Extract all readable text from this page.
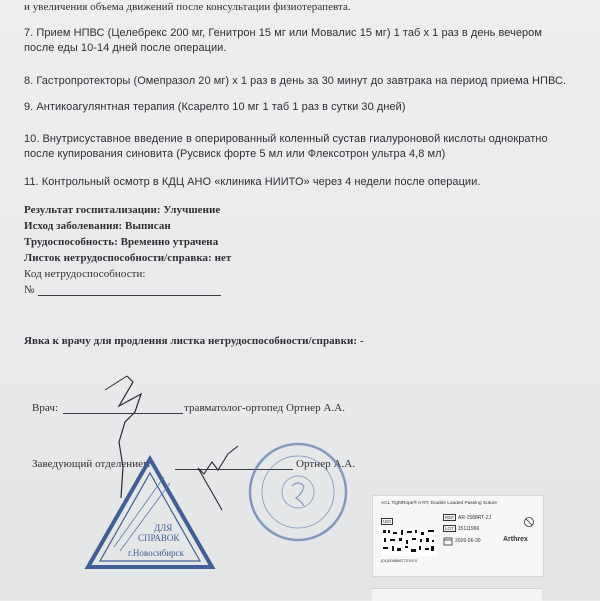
и увеличения объема движений после консультации физиотерапевта.
7. Прием НПВС (Целебрекс 200 мг, Генитрон 15 мг или Мовалис 15 мг) 1 таб х 1 раз в день вечером
после еды 10-14 дней после операции.
8. Гастропротекторы (Омепразол 20 мг) х 1 раз в день за 30 минут до завтрака на период приема НПВС.
9. Антикоагулянтная терапия (Ксарелто 10 мг 1 таб 1 раз в сутки 30 дней)
10. Внутрисуставное введение в оперированный коленный сустав гиалуроновой кислоты однократно
после купирования синовита (Русвиск форте 5 мл или Флексотрон ультра 4,8 мл)
11. Контрольный осмотр в КДЦ АНО «клиника НИИТО» через 4 недели после операции.
Результат госпитализации: Улучшение
Исход заболевания: Выписан
Трудоспособность: Временно утрачена
Листок нетрудоспособности/справка: нет
Код нетрудоспособности:
№
Явка к врачу для продления листка нетрудоспособности/справки: -
Врач:	травматолог-ортопед Ортнер А.А.
Заведующий отделением	Ортнер А.А.
ДЛЯ
СПРАВОК
г.Новосибирск
ACL TightRope® II RT, Double Loaded Passing Suture
UDI
REF AR-1588RT-2J
LOT 15111966
2026-06-30	Arthrex
(01)0088887721974
